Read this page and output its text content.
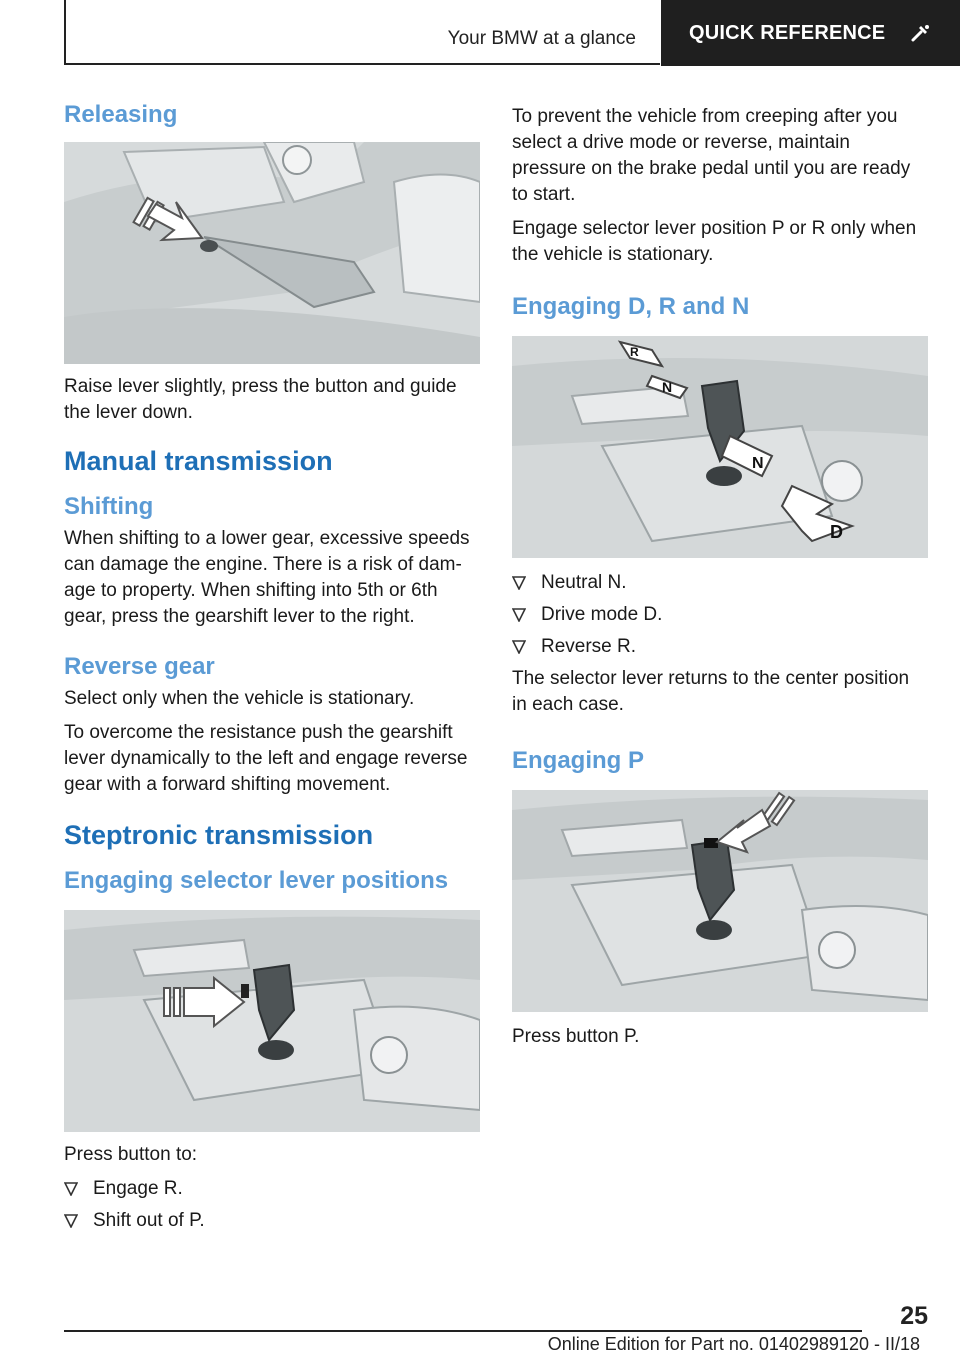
Your BMW at a glance	QUICK REFERENCE
Releasing

Raise lever slightly, press the button and guide the lever down.

Manual transmission
Shifting

When shifting to a lower gear, excessive speeds can damage the engine. There is a risk of damage to property. When shifting into 5th or 6th gear, press the gearshift lever to the right.

Reverse gear

Select only when the vehicle is stationary.

To overcome the resistance push the gearshift lever dynamically to the left and engage reverse gear with a forward shifting movement.

Steptronic transmission
Engaging selector lever positions

Press button to:

Engage R.
Shift out of P.

To prevent the vehicle from creeping after you select a drive mode or reverse, maintain pressure on the brake pedal until you are ready to start.

Engage selector lever position P or R only when the vehicle is stationary.

Engaging D, R and N
R
N
N
D
Neutral N.
Drive mode D.
Reverse R.

The selector lever returns to the center position in each case.

Engaging P

Press button P.

25
Online Edition for Part no. 01402989120 - II/18
